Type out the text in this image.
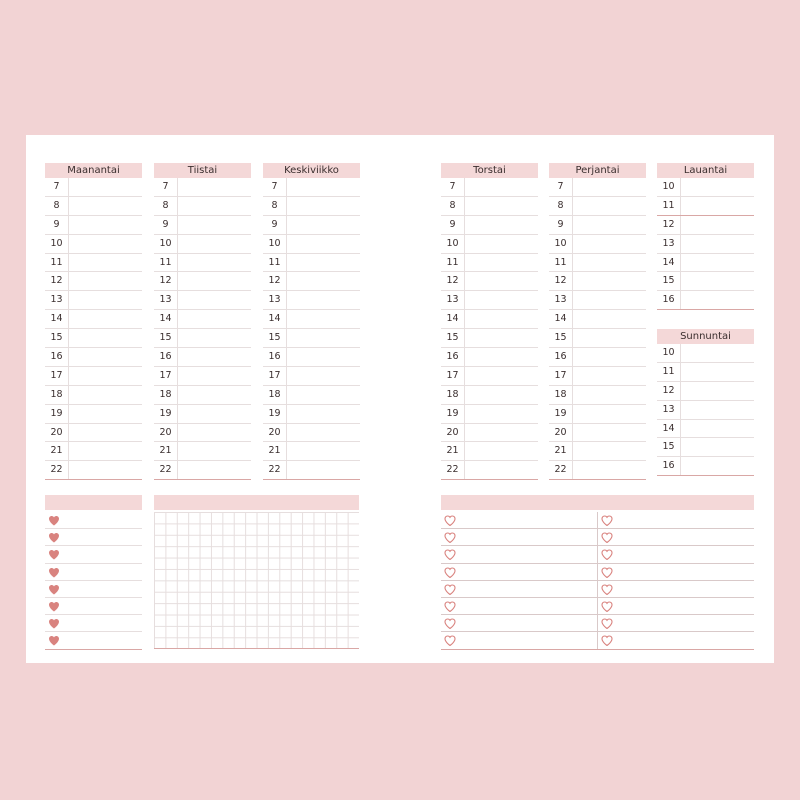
Maanantai
7
8
9
10
11
12
13
14
15
16
17
18
19
20
21
22
Tiistai
7
8
9
10
11
12
13
14
15
16
17
18
19
20
21
22
Keskiviikko
7
8
9
10
11
12
13
14
15
16
17
18
19
20
21
22
Torstai
7
8
9
10
11
12
13
14
15
16
17
18
19
20
21
22
Perjantai
7
8
9
10
11
12
13
14
15
16
17
18
19
20
21
22
Lauantai
10
11
12
13
14
15
16
Sunnuntai
10
11
12
13
14
15
16
